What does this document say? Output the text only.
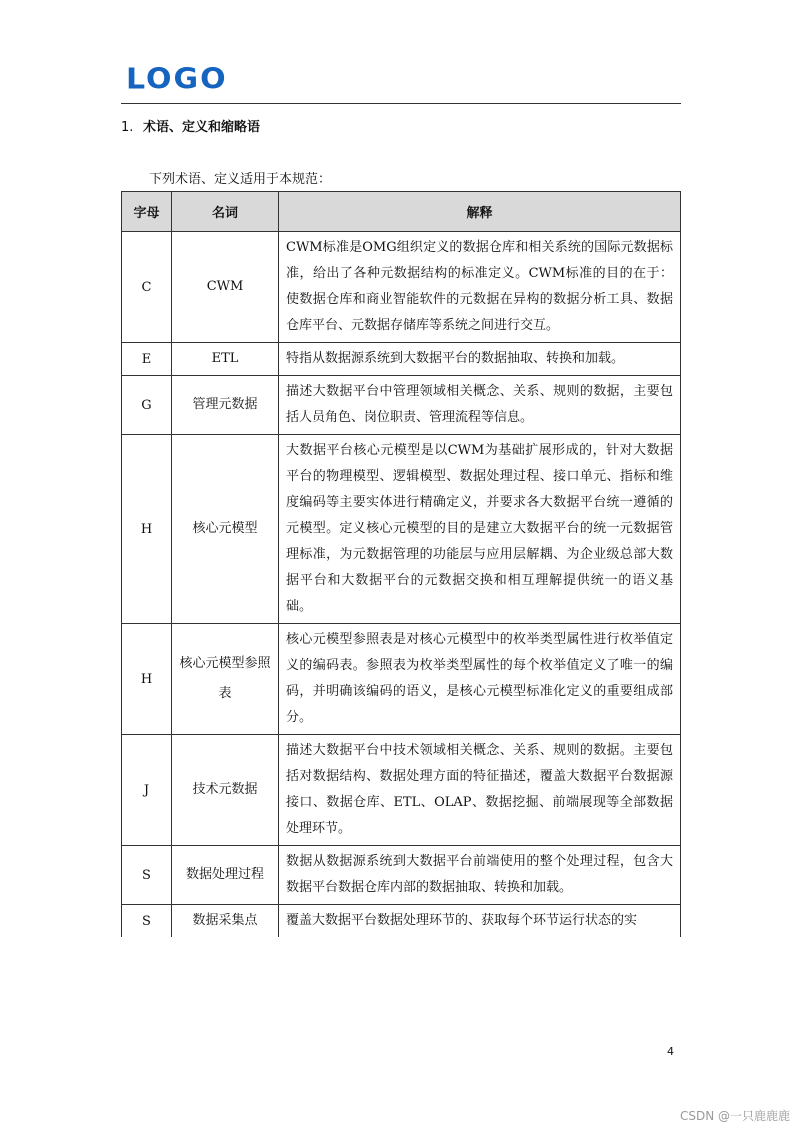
LOGO
1. 术语、定义和缩略语
下列术语、定义适用于本规范：
字母	名词	解释
C	CWM	CWM标准是OMG组织定义的数据仓库和相关系统的国际元数据标准，给出了各种元数据结构的标准定义。CWM标准的目的在于：使数据仓库和商业智能软件的元数据在异构的数据分析工具、数据仓库平台、元数据存储库等系统之间进行交互。
E	ETL	特指从数据源系统到大数据平台的数据抽取、转换和加载。
G	管理元数据	描述大数据平台中管理领域相关概念、关系、规则的数据，主要包括人员角色、岗位职责、管理流程等信息。
H	核心元模型	大数据平台核心元模型是以CWM为基础扩展形成的，针对大数据平台的物理模型、逻辑模型、数据处理过程、接口单元、指标和维度编码等主要实体进行精确定义，并要求各大数据平台统一遵循的元模型。定义核心元模型的目的是建立大数据平台的统一元数据管理标准，为元数据管理的功能层与应用层解耦、为企业级总部大数据平台和大数据平台的元数据交换和相互理解提供统一的语义基础。
H	核心元模型参照表	核心元模型参照表是对核心元模型中的枚举类型属性进行枚举值定义的编码表。参照表为枚举类型属性的每个枚举值定义了唯一的编码，并明确该编码的语义，是核心元模型标准化定义的重要组成部分。
J	技术元数据	描述大数据平台中技术领域相关概念、关系、规则的数据。主要包括对数据结构、数据处理方面的特征描述，覆盖大数据平台数据源接口、数据仓库、ETL、OLAP、数据挖掘、前端展现等全部数据处理环节。
S	数据处理过程	数据从数据源系统到大数据平台前端使用的整个处理过程，包含大数据平台数据仓库内部的数据抽取、转换和加载。
S	数据采集点	覆盖大数据平台数据处理环节的、获取每个环节运行状态的实
4
CSDN @一只鹿鹿鹿
